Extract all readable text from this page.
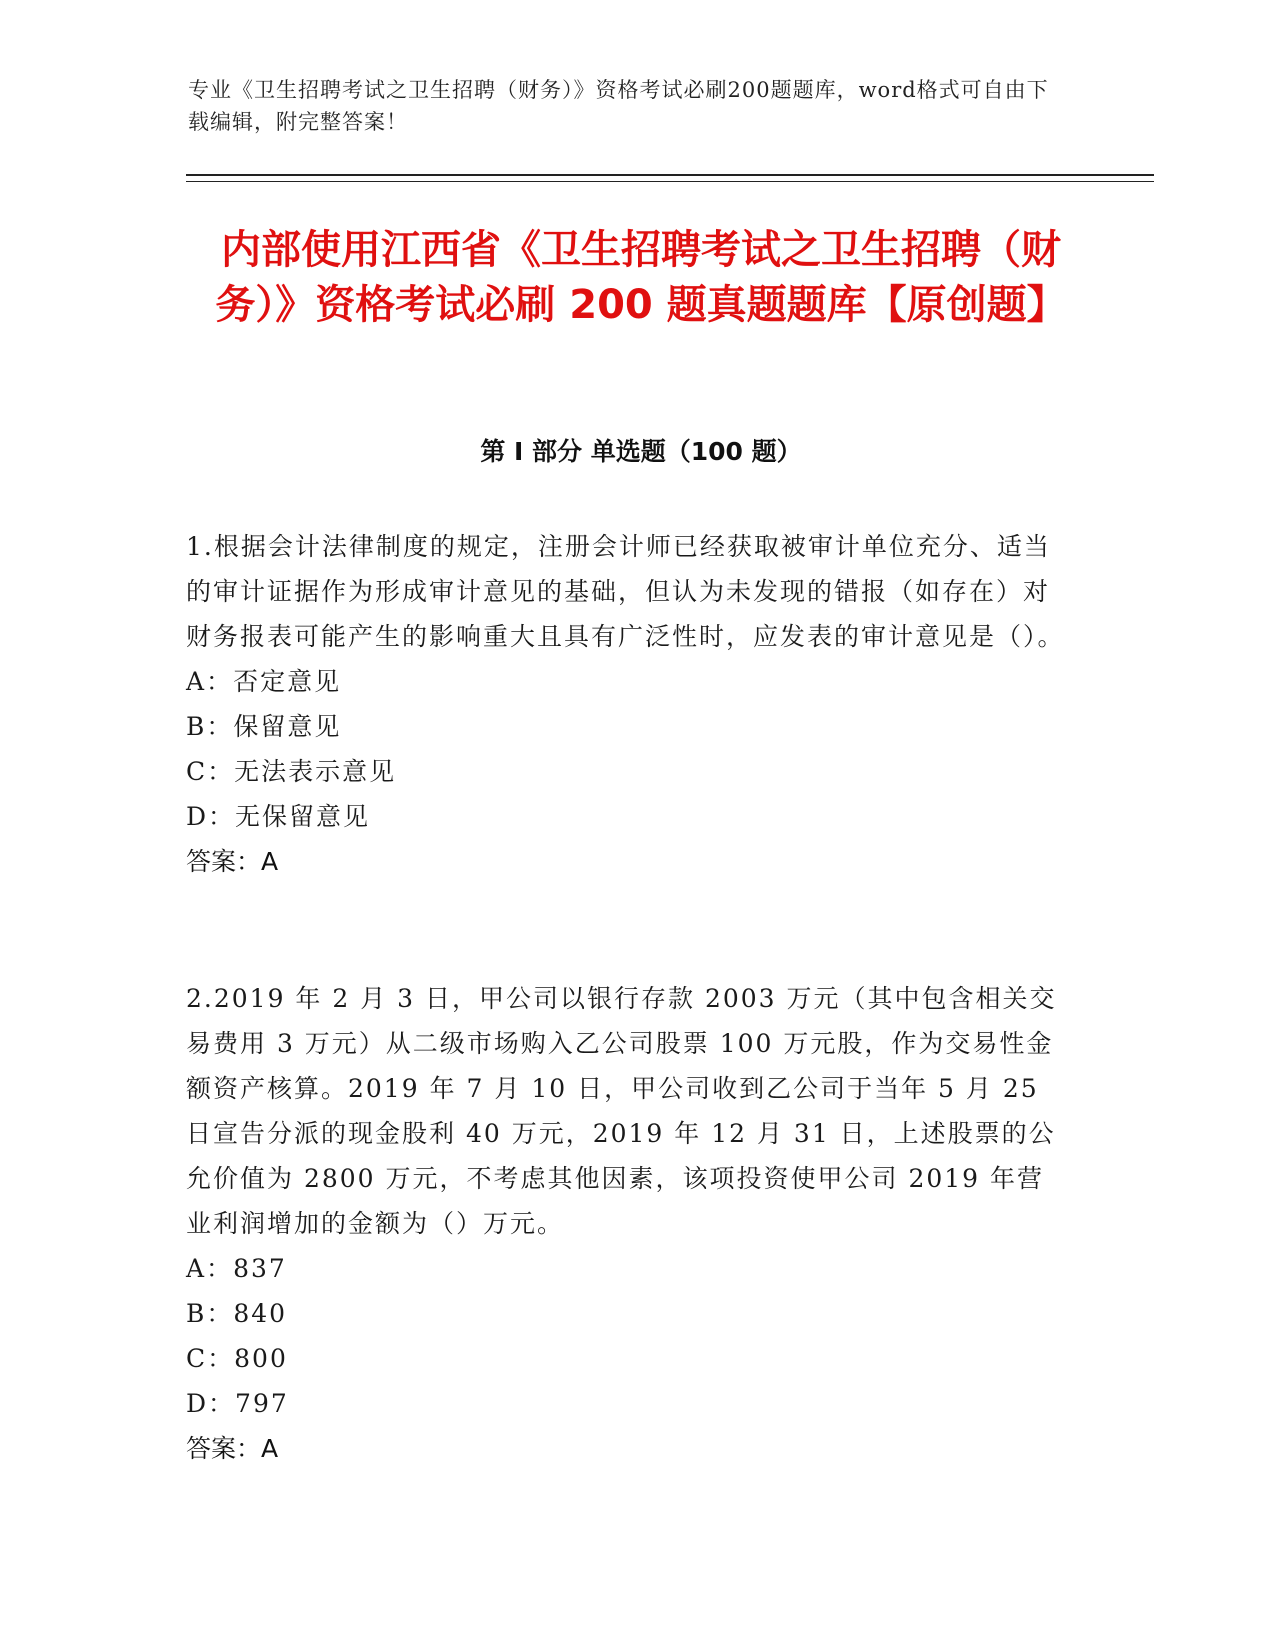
专业《卫生招聘考试之卫生招聘（财务）》资格考试必刷200题题库，word格式可自由下载编辑，附完整答案！
内部使用江西省《卫生招聘考试之卫生招聘（财务）》资格考试必刷 200 题真题题库【原创题】
第 I 部分 单选题（100 题）

1.根据会计法律制度的规定，注册会计师已经获取被审计单位充分、适当的审计证据作为形成审计意见的基础，但认为未发现的错报（如存在）对财务报表可能产生的影响重大且具有广泛性时，应发表的审计意见是（）。

A：否定意见

B：保留意见

C：无法表示意见

D：无保留意见

答案：A

2.2019 年 2 月 3 日，甲公司以银行存款 2003 万元（其中包含相关交易费用 3 万元）从二级市场购入乙公司股票 100 万元股，作为交易性金额资产核算。2019 年 7 月 10 日，甲公司收到乙公司于当年 5 月 25 日宣告分派的现金股利 40 万元，2019 年 12 月 31 日，上述股票的公允价值为 2800 万元，不考虑其他因素，该项投资使甲公司 2019 年营业利润增加的金额为（）万元。

A：837

B：840

C：800

D：797

答案：A
